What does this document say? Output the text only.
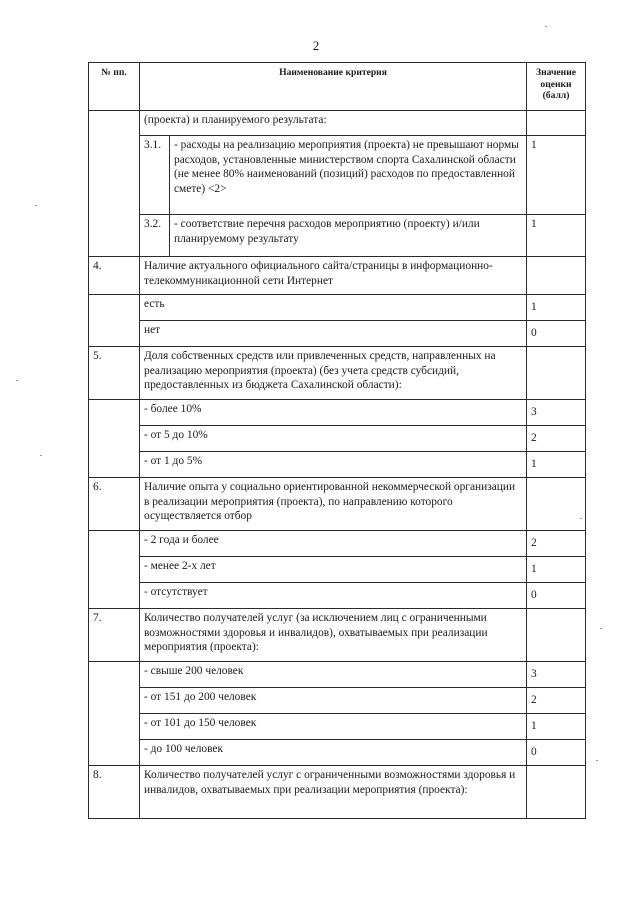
2
№ пп.	Наименование критерия		Значение оценки (балл)
	(проекта) и планируемого результата:		
	3.1.	- расходы на реализацию мероприятия (проекта) не превышают нормы расходов, установленные министерством спорта Сахалинской области (не менее 80% наименований (позиций) расходов по предоставленной смете) <2>	1
	3.2.	- соответствие перечня расходов мероприятию (проекту) и/или планируемому результату	1
4.	Наличие актуального официального сайта/страницы в информационно-телекоммуникационной сети Интернет		
	есть		1
	нет		0
5.	Доля собственных средств или привлеченных средств, направленных на реализацию мероприятия (проекта) (без учета средств субсидий, предоставленных из бюджета Сахалинской области):		
	- более 10%		3
	- от 5 до 10%		2
	- от 1 до 5%		1
6.	Наличие опыта у социально ориентированной некоммерческой организации в реализации мероприятия (проекта), по направлению которого осуществляется отбор		
	- 2 года и более		2
	- менее 2-х лет		1
	- отсутствует		0
7.	Количество получателей услуг (за исключением лиц с ограниченными возможностями здоровья и инвалидов), охватываемых при реализации мероприятия (проекта):		
	- свыше 200 человек		3
	- от 151 до 200 человек		2
	- от 101 до 150 человек		1
	- до 100 человек		0
8.	Количество получателей услуг с ограниченными возможностями здоровья и инвалидов, охватываемых при реализации мероприятия (проекта):		
